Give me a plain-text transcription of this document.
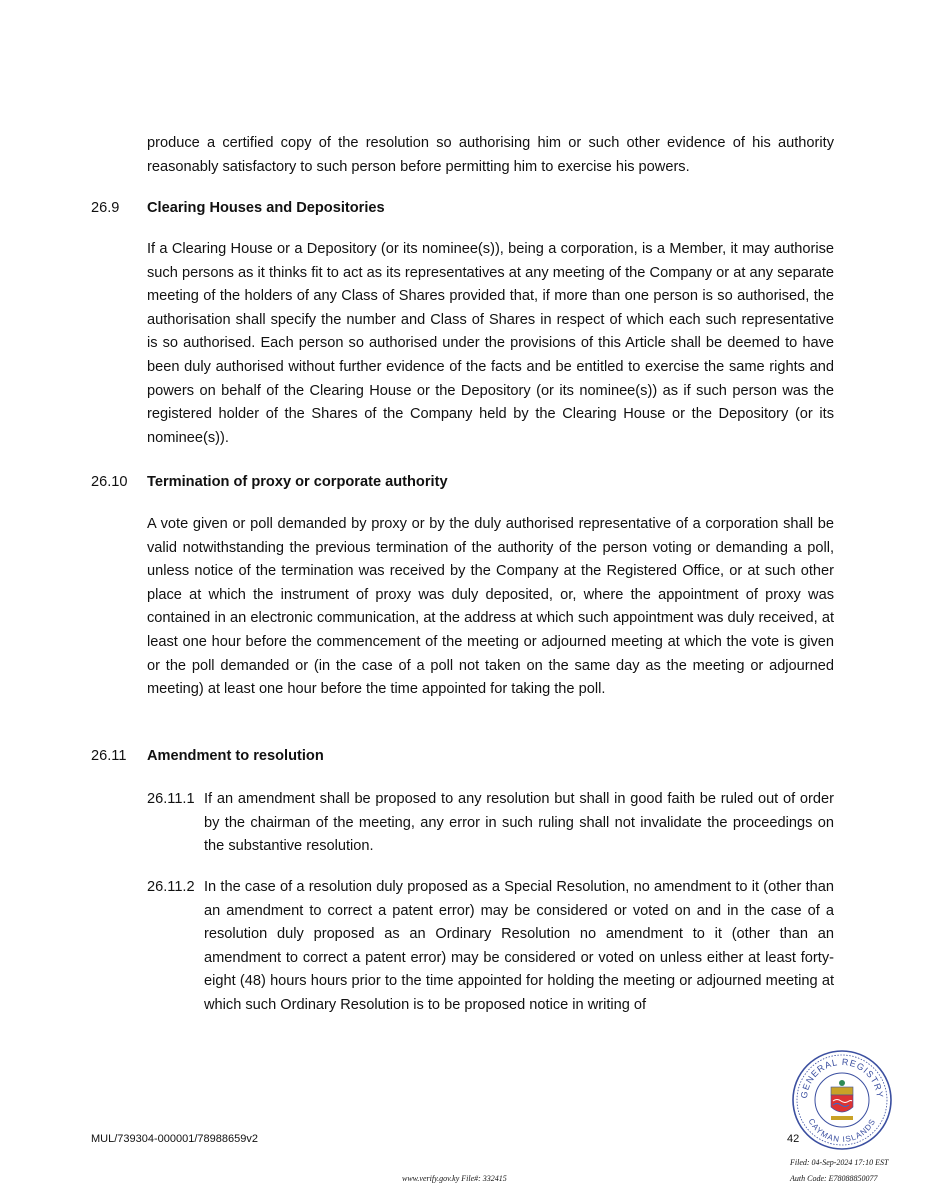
produce a certified copy of the resolution so authorising him or such other evidence of his authority reasonably satisfactory to such person before permitting him to exercise his powers.
26.9 Clearing Houses and Depositories
If a Clearing House or a Depository (or its nominee(s)), being a corporation, is a Member, it may authorise such persons as it thinks fit to act as its representatives at any meeting of the Company or at any separate meeting of the holders of any Class of Shares provided that, if more than one person is so authorised, the authorisation shall specify the number and Class of Shares in respect of which each such representative is so authorised. Each person so authorised under the provisions of this Article shall be deemed to have been duly authorised without further evidence of the facts and be entitled to exercise the same rights and powers on behalf of the Clearing House or the Depository (or its nominee(s)) as if such person was the registered holder of the Shares of the Company held by the Clearing House or the Depository (or its nominee(s)).
26.10 Termination of proxy or corporate authority
A vote given or poll demanded by proxy or by the duly authorised representative of a corporation shall be valid notwithstanding the previous termination of the authority of the person voting or demanding a poll, unless notice of the termination was received by the Company at the Registered Office, or at such other place at which the instrument of proxy was duly deposited, or, where the appointment of proxy was contained in an electronic communication, at the address at which such appointment was duly received, at least one hour before the commencement of the meeting or adjourned meeting at which the vote is given or the poll demanded or (in the case of a poll not taken on the same day as the meeting or adjourned meeting) at least one hour before the time appointed for taking the poll.
26.11 Amendment to resolution
26.11.1 If an amendment shall be proposed to any resolution but shall in good faith be ruled out of order by the chairman of the meeting, any error in such ruling shall not invalidate the proceedings on the substantive resolution.
26.11.2 In the case of a resolution duly proposed as a Special Resolution, no amendment to it (other than an amendment to correct a patent error) may be considered or voted on and in the case of a resolution duly proposed as an Ordinary Resolution no amendment to it (other than an amendment to correct a patent error) may be considered or voted on unless either at least forty-eight (48) hours hours prior to the time appointed for holding the meeting or adjourned meeting at which such Ordinary Resolution is to be proposed notice in writing of
GENERAL REGISTRY
CAYMAN ISLANDS
MUL/739304-000001/78988659v2	42
www.verify.gov.ky File#: 332415
Filed: 04-Sep-2024 17:10 EST
Auth Code: E78088850077
